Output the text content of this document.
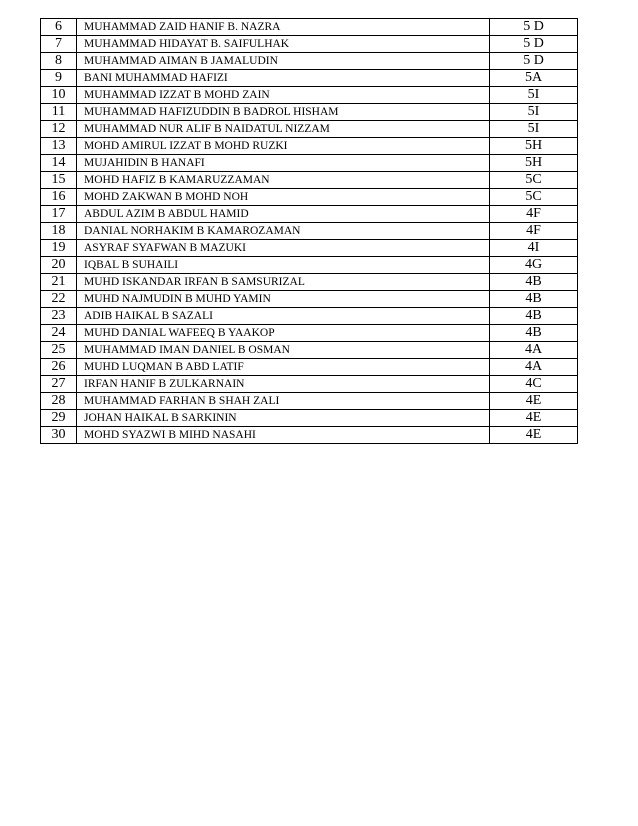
6	MUHAMMAD ZAID HANIF B. NAZRA	5 D
7	MUHAMMAD HIDAYAT B. SAIFULHAK	5 D
8	MUHAMMAD AIMAN B JAMALUDIN	5 D
9	BANI MUHAMMAD HAFIZI	5A
10	MUHAMMAD IZZAT B MOHD ZAIN	5I
11	MUHAMMAD HAFIZUDDIN B BADROL HISHAM	5I
12	MUHAMMAD NUR ALIF B NAIDATUL NIZZAM	5I
13	MOHD AMIRUL IZZAT B MOHD RUZKI	5H
14	MUJAHIDIN B HANAFI	5H
15	MOHD HAFIZ B KAMARUZZAMAN	5C
16	MOHD ZAKWAN B MOHD NOH	5C
17	ABDUL AZIM B ABDUL HAMID	4F
18	DANIAL NORHAKIM B KAMAROZAMAN	4F
19	ASYRAF SYAFWAN B MAZUKI	4I
20	IQBAL B SUHAILI	4G
21	MUHD ISKANDAR IRFAN B SAMSURIZAL	4B
22	MUHD NAJMUDIN B MUHD YAMIN	4B
23	ADIB HAIKAL B SAZALI	4B
24	MUHD DANIAL WAFEEQ B YAAKOP	4B
25	MUHAMMAD IMAN DANIEL B OSMAN	4A
26	MUHD LUQMAN B ABD LATIF	4A
27	IRFAN HANIF B ZULKARNAIN	4C
28	MUHAMMAD FARHAN B SHAH ZALI	4E
29	JOHAN HAIKAL B SARKININ	4E
30	MOHD SYAZWI B MIHD NASAHI	4E
